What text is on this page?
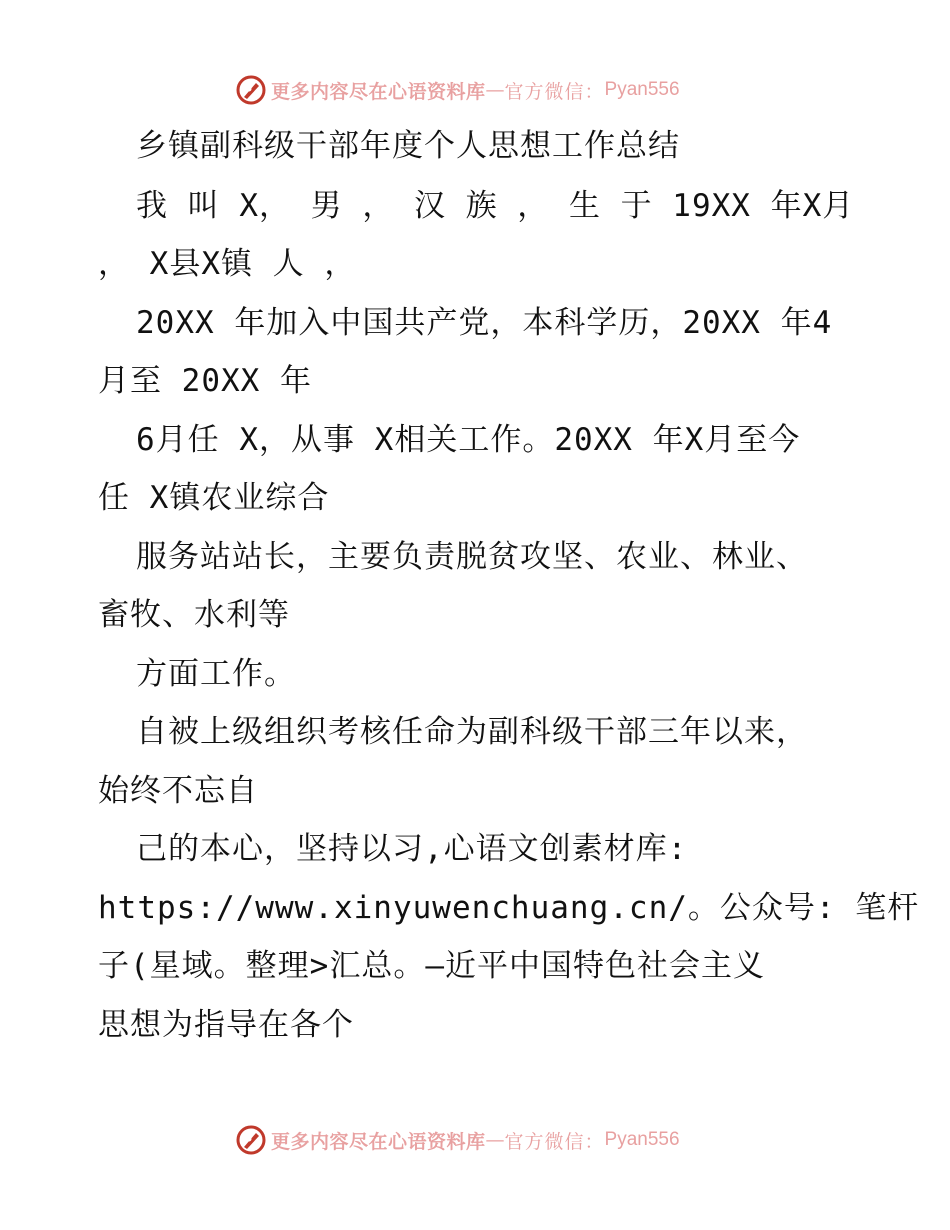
更多内容尽在心语资料库 — 官方微信： Pyan556
乡镇副科级干部年度个人思想工作总结
我 叫 X， 男 ， 汉 族 ， 生 于 19XX 年X月
， X县X镇 人 ，
20XX 年加入中国共产党，本科学历，20XX 年4
月至 20XX 年
6月任 X，从事 X相关工作。20XX 年X月至今
任 X镇农业综合
服务站站长，主要负责脱贫攻坚、农业、林业、
畜牧、水利等
方面工作。
自被上级组织考核任命为副科级干部三年以来，
始终不忘自
己的本心，坚持以习,心语文创素材库:
https://www.xinyuwenchuang.cn/。公众号: 笔杆
子(星域。整理>汇总。—近平中国特色社会主义
思想为指导在各个
更多内容尽在心语资料库 — 官方微信： Pyan556
